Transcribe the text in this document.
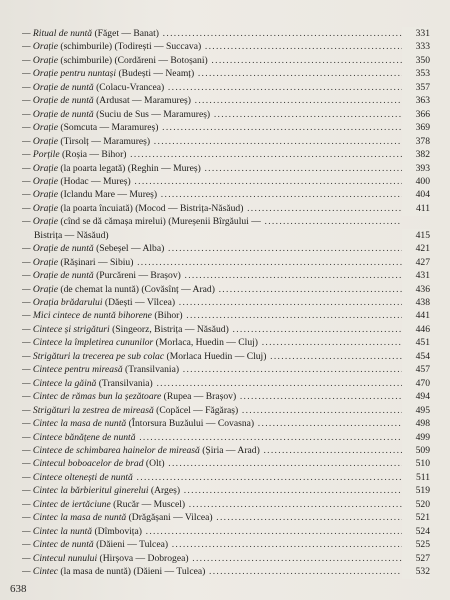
— Ritual de nuntă (Făget — Banat) .....	331
— Orație (schimburile) (Todirești — Succava) .....	333
— Orație (schimburile) (Cordăreni — Botoșani) .....	350
— Orație pentru nuntași (Budești — Neamț) .....	353
— Orație de nuntă (Colacu-Vrancea) .....	357
— Orație de nuntă (Ardusat — Maramureș) .....	363
— Orație de nuntă (Suciu de Sus — Maramureș) .....	366
— Orație (Somcuta — Maramureș) .....	369
— Orație (Tirsolț — Maramureș) .....	378
— Porțile (Roșia — Bihor) .....	382
— Orație (la poarta legată) (Reghin — Mureș) .....	393
— Orație (Hodac — Mureș) .....	400
— Orație (Iclandu Mare — Mureș) .....	404
— Orație (la poarta încuiată) (Mocod — Bistrița-Năsăud) .....	411
— Orație (cînd se dă cămașa mirelui) (Mureșenii Bîrgăului — .....
Bistrița — Năsăud)	415
— Orație de nuntă (Sebeșel — Alba) .....	421
— Orație (Rășinari — Sibiu) .....	427
— Orație de nuntă (Purcăreni — Brașov) .....	431
— Orație (de chemat la nuntă) (Covăsînț — Arad) .....	436
— Orația brădarului (Dăești — Vîlcea) .....	438
— Mici cintece de nuntă bihorene (Bihor) .....	441
— Cintece și strigături (Singeorz, Bistrița — Năsăud) .....	446
— Cintece la împletirea cununilor (Morlaca, Huedin — Cluj) .....	451
— Strigături la trecerea pe sub colac (Morlaca Huedin — Cluj) .....	454
— Cintece pentru mireasă (Transilvania) .....	457
— Cintece la găină (Transilvania) .....	470
— Cintec de rămas bun la șezătoare (Rupea — Brașov) .....	494
— Strigături la zestrea de mireasă (Copăcel — Făgăraș) .....	495
— Cintec la masa de nuntă (Întorsura Buzăului — Covasna) .....	498
— Cintece bănățene de nuntă .....	499
— Cintece de schimbarea hainelor de mireasă (Șiria — Arad) .....	509
— Cintecul boboacelor de brad (Olt) .....	510
— Cintece oltenești de nuntă .....	511
— Cintec la bărbieritul ginerelui (Argeș) .....	519
— Cintec de iertăciune (Rucăr — Muscel) .....	520
— Cintec la masa de nuntă (Drăgășani — Vilcea) .....	521
— Cintec la nuntă (Dîmbovița) .....	524
— Cintec de nuntă (Dăieni — Tulcea) .....	525
— Cintecul nunului (Hirșova — Dobrogea) .....	527
— Cintec (la masa de nuntă) (Dăieni — Tulcea) .....	532
638
